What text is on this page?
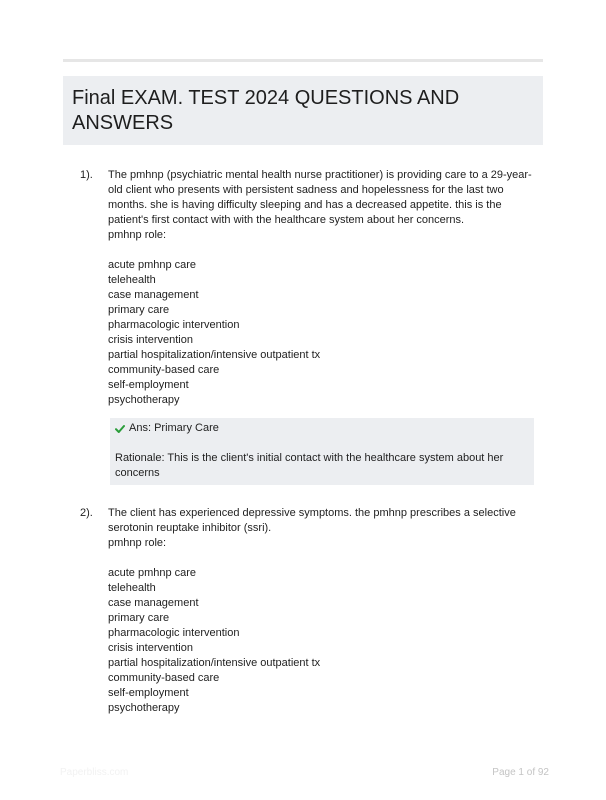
Final EXAM. TEST 2024 QUESTIONS AND ANSWERS
1). The pmhnp (psychiatric mental health nurse practitioner) is providing care to a 29-year-old client who presents with persistent sadness and hopelessness for the last two months. she is having difficulty sleeping and has a decreased appetite. this is the patient's first contact with with the healthcare system about her concerns.

pmhnp role:

acute pmhnp care
telehealth
case management
primary care
pharmacologic intervention
crisis intervention
partial hospitalization/intensive outpatient tx
community-based care
self-employment
psychotherapy

Ans: Primary Care

Rationale: This is the client's initial contact with the healthcare system about her concerns

2). The client has experienced depressive symptoms. the pmhnp prescribes a selective serotonin reuptake inhibitor (ssri).

pmhnp role:

acute pmhnp care
telehealth
case management
primary care
pharmacologic intervention
crisis intervention
partial hospitalization/intensive outpatient tx
community-based care
self-employment
psychotherapy
Paperbliss.com	Page 1 of 92
